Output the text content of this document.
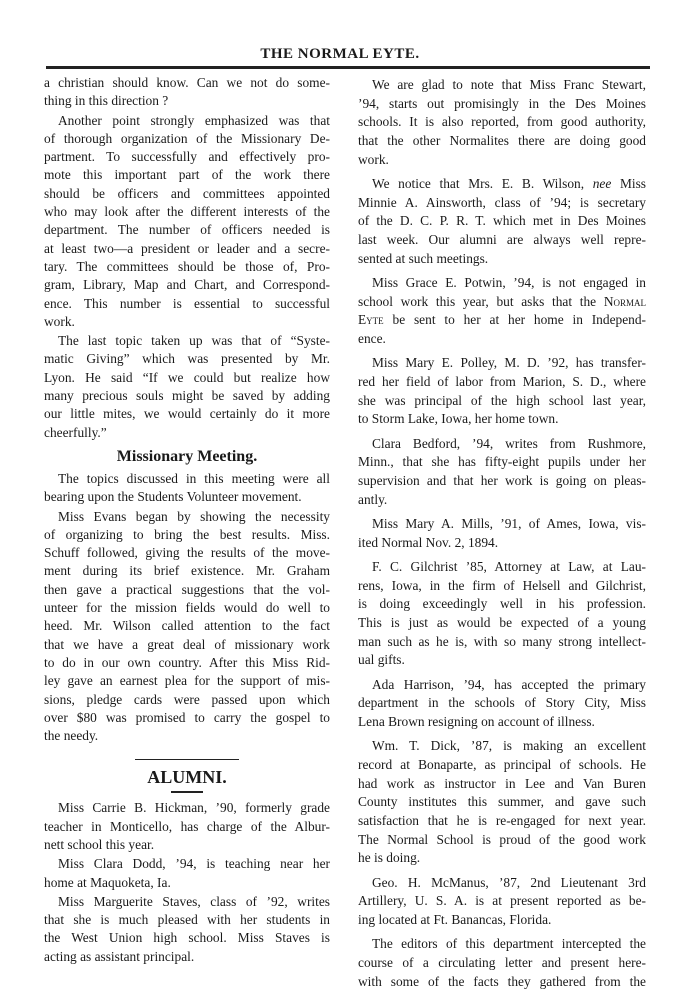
THE NORMAL EYTE.
a christian should know. Can we not do some-
thing in this direction ?
Another point strongly emphasized was that
of thorough organization of the Missionary De-
partment. To successfully and effectively pro-
mote this important part of the work there
should be officers and committees appointed
who may look after the different interests of the
department. The number of officers needed is
at least two—a president or leader and a secre-
tary. The committees should be those of, Pro-
gram, Library, Map and Chart, and Correspond-
ence. This number is essential to successful
work.
The last topic taken up was that of “Syste-
matic Giving” which was presented by Mr.
Lyon. He said “If we could but realize how
many precious souls might be saved by adding
our little mites, we would certainly do it more
cheerfully.”
Missionary Meeting.
The topics discussed in this meeting were all
bearing upon the Students Volunteer movement.
Miss Evans began by showing the necessity
of organizing to bring the best results. Miss.
Schuff followed, giving the results of the move-
ment during its brief existence. Mr. Graham
then gave a practical suggestions that the vol-
unteer for the mission fields would do well to
heed. Mr. Wilson called attention to the fact
that we have a great deal of missionary work
to do in our own country. After this Miss Rid-
ley gave an earnest plea for the support of mis-
sions, pledge cards were passed upon which
over $80 was promised to carry the gospel to
the needy.
ALUMNI.
Miss Carrie B. Hickman, ’90, formerly grade
teacher in Monticello, has charge of the Albur-
nett school this year.
Miss Clara Dodd, ’94, is teaching near her
home at Maquoketa, Ia.
Miss Marguerite Staves, class of ’92, writes
that she is much pleased with her students in
the West Union high school. Miss Staves is
acting as assistant principal.
We are glad to note that Miss Franc Stewart,
’94, starts out promisingly in the Des Moines
schools. It is also reported, from good authority,
that the other Normalites there are doing good
work.
We notice that Mrs. E. B. Wilson, nee Miss
Minnie A. Ainsworth, class of ’94; is secretary
of the D. C. P. R. T. which met in Des Moines
last week. Our alumni are always well repre-
sented at such meetings.
Miss Grace E. Potwin, ’94, is not engaged in
school work this year, but asks that the Normal
Eyte be sent to her at her home in Independ-
ence.
Miss Mary E. Polley, M. D. ’92, has transfer-
red her field of labor from Marion, S. D., where
she was principal of the high school last year,
to Storm Lake, Iowa, her home town.
Clara Bedford, ’94, writes from Rushmore,
Minn., that she has fifty-eight pupils under her
supervision and that her work is going on pleas-
antly.
Miss Mary A. Mills, ’91, of Ames, Iowa, vis-
ited Normal Nov. 2, 1894.
F. C. Gilchrist ’85, Attorney at Law, at Lau-
rens, Iowa, in the firm of Helsell and Gilchrist,
is doing exceedingly well in his profession.
This is just as would be expected of a young
man such as he is, with so many strong intellect-
ual gifts.
Ada Harrison, ’94, has accepted the primary
department in the schools of Story City, Miss
Lena Brown resigning on account of illness.
Wm. T. Dick, ’87, is making an excellent
record at Bonaparte, as principal of schools. He
had work as instructor in Lee and Van Buren
County institutes this summer, and gave such
satisfaction that he is re-engaged for next year.
The Normal School is proud of the good work
he is doing.
Geo. H. McManus, ’87, 2nd Lieutenant 3rd
Artillery, U. S. A. is at present reported as be-
ing located at Ft. Banancas, Florida.
The editors of this department intercepted the
course of a circulating letter and present here-
with some of the facts they gathered from the
